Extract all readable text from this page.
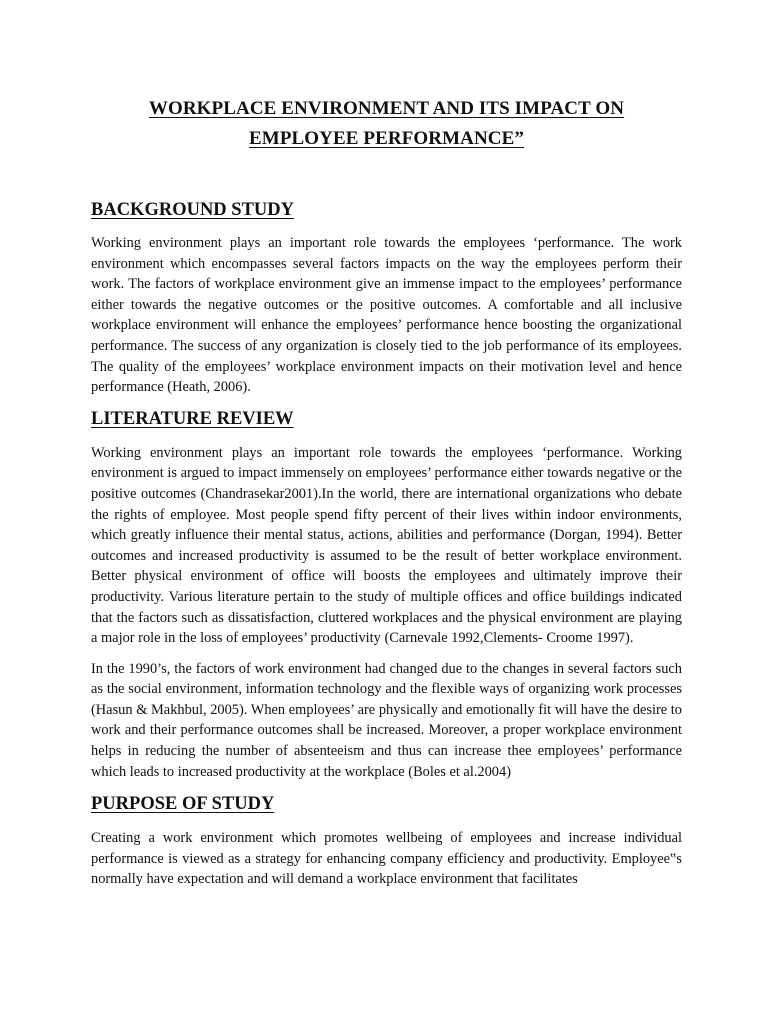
WORKPLACE ENVIRONMENT AND ITS IMPACT ON
EMPLOYEE PERFORMANCE”
BACKGROUND STUDY

Working environment plays an important role towards the employees ‘performance. The work environment which encompasses several factors impacts on the way the employees perform their work. The factors of workplace environment give an immense impact to the employees’ performance either towards the negative outcomes or the positive outcomes. A comfortable and all inclusive workplace environment will enhance the employees’ performance hence boosting the organizational performance. The success of any organization is closely tied to the job performance of its employees. The quality of the employees’ workplace environment impacts on their motivation level and hence performance (Heath, 2006).

LITERATURE REVIEW

Working environment plays an important role towards the employees ‘performance. Working environment is argued to impact immensely on employees’ performance either towards negative or the positive outcomes (Chandrasekar2001).In the world, there are international organizations who debate the rights of employee. Most people spend fifty percent of their lives within indoor environments, which greatly influence their mental status, actions, abilities and performance (Dorgan, 1994). Better outcomes and increased productivity is assumed to be the result of better workplace environment. Better physical environment of office will boosts the employees and ultimately improve their productivity. Various literature pertain to the study of multiple offices and office buildings indicated that the factors such as dissatisfaction, cluttered workplaces and the physical environment are playing a major role in the loss of employees’ productivity (Carnevale 1992,Clements- Croome 1997).

In the 1990’s, the factors of work environment had changed due to the changes in several factors such as the social environment, information technology and the flexible ways of organizing work processes (Hasun & Makhbul, 2005). When employees’ are physically and emotionally fit will have the desire to work and their performance outcomes shall be increased. Moreover, a proper workplace environment helps in reducing the number of absenteeism and thus can increase thee employees’ performance which leads to increased productivity at the workplace (Boles et al.2004)

PURPOSE OF STUDY

Creating a work environment which promotes wellbeing of employees and increase individual performance is viewed as a strategy for enhancing company efficiency and productivity. Employee‟s normally have expectation and will demand a workplace environment that facilitates
